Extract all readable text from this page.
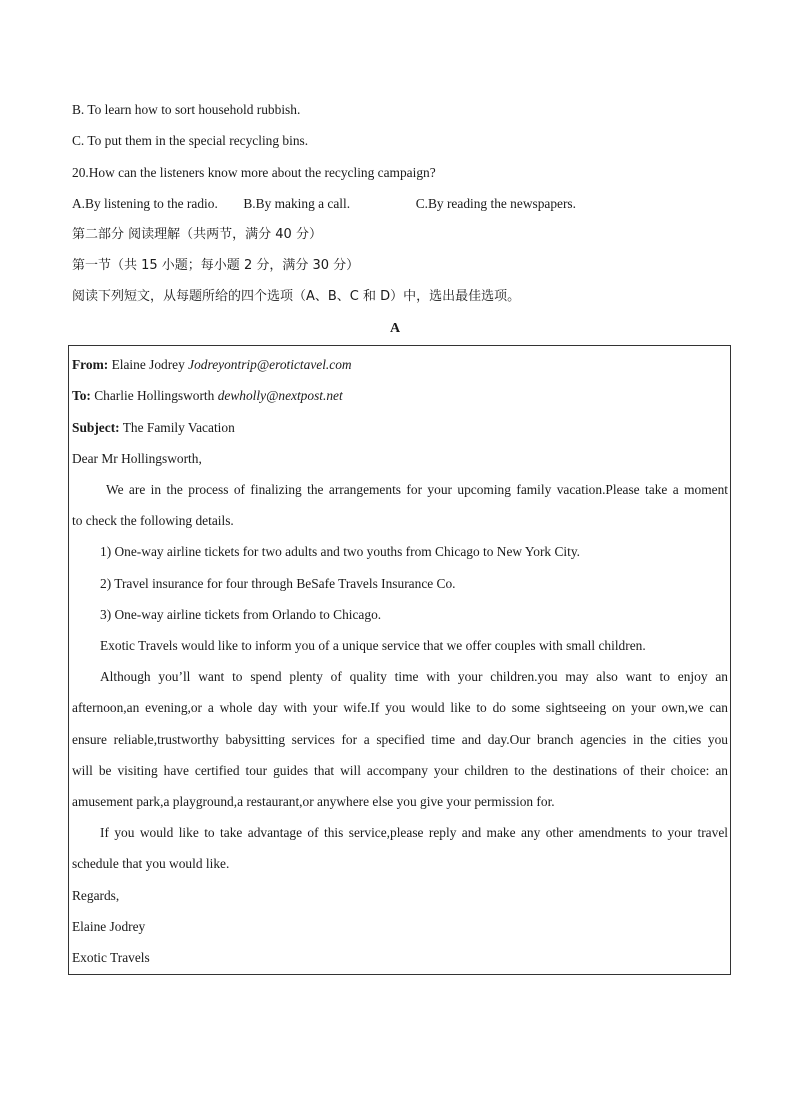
B. To learn how to sort household rubbish.
C. To put them in the special recycling bins.
20.How can the listeners know more about the recycling campaign?
A.By listening to the radio. B.By making a call.	C.By reading the newspapers.
第二部分 阅读理解（共两节，满分 40 分）
第一节（共 15 小题；每小题 2 分，满分 30 分）
阅读下列短文，从每题所给的四个选项（A、B、C 和 D）中，选出最佳选项。
A
From: Elaine Jodrey Jodreyontrip@erotictavel.com
To: Charlie Hollingsworth dewholly@nextpost.net
Subject: The Family Vacation
Dear Mr Hollingsworth,
We are in the process of finalizing the arrangements for your upcoming family vacation.Please take a moment
to check the following details.
1) One-way airline tickets for two adults and two youths from Chicago to New York City.
2) Travel insurance for four through BeSafe Travels Insurance Co.
3) One-way airline tickets from Orlando to Chicago.
Exotic Travels would like to inform you of a unique service that we offer couples with small children.
Although you’ll want to spend plenty of quality time with your children.you may also want to enjoy an
afternoon,an evening,or a whole day with your wife.If you would like to do some sightseeing on your own,we can
ensure reliable,trustworthy babysitting services for a specified time and day.Our branch agencies in the cities you
will be visiting have certified tour guides that will accompany your children to the destinations of their choice: an
amusement park,a playground,a restaurant,or anywhere else you give your permission for.
If you would like to take advantage of this service,please reply and make any other amendments to your travel
schedule that you would like.
Regards,
Elaine Jodrey
Exotic Travels
